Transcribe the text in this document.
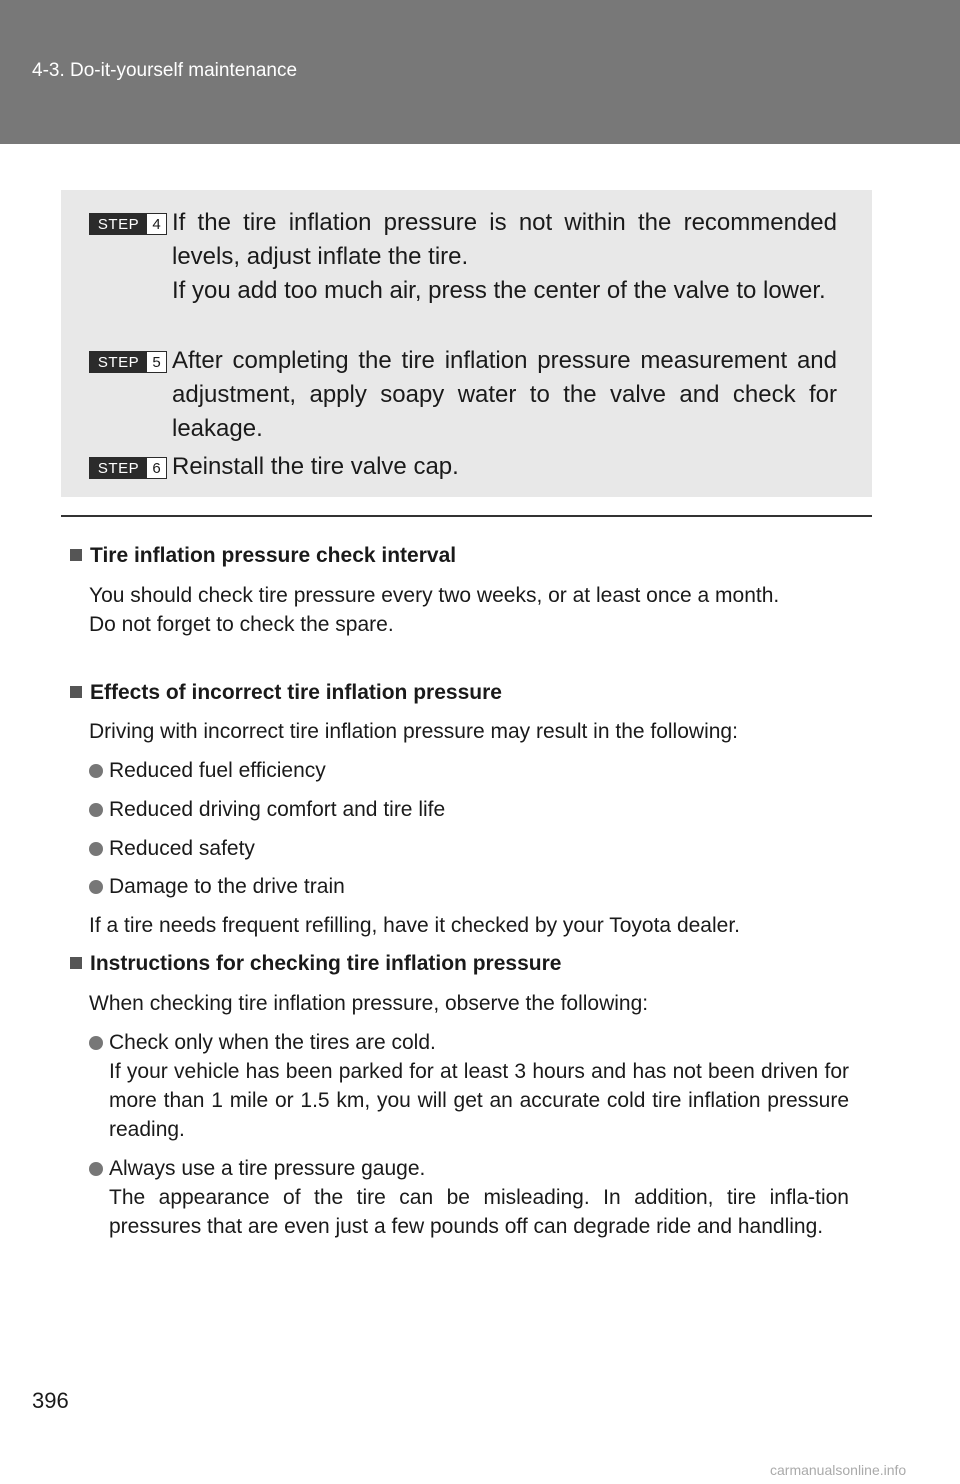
4-3. Do-it-yourself maintenance
STEP 4 If the tire inflation pressure is not within the recommended levels, adjust inflate the tire.
If you add too much air, press the center of the valve to lower.
STEP 5 After completing the tire inflation pressure measurement and adjustment, apply soapy water to the valve and check for leakage.
STEP 6 Reinstall the tire valve cap.
Tire inflation pressure check interval
You should check tire pressure every two weeks, or at least once a month.
Do not forget to check the spare.
Effects of incorrect tire inflation pressure
Driving with incorrect tire inflation pressure may result in the following:
Reduced fuel efficiency
Reduced driving comfort and tire life
Reduced safety
Damage to the drive train
If a tire needs frequent refilling, have it checked by your Toyota dealer.
Instructions for checking tire inflation pressure
When checking tire inflation pressure, observe the following:
Check only when the tires are cold.
If your vehicle has been parked for at least 3 hours and has not been driven for more than 1 mile or 1.5 km, you will get an accurate cold tire inflation pressure reading.
Always use a tire pressure gauge.
The appearance of the tire can be misleading. In addition, tire infla-tion pressures that are even just a few pounds off can degrade ride and handling.
396
carmanualsonline.info
